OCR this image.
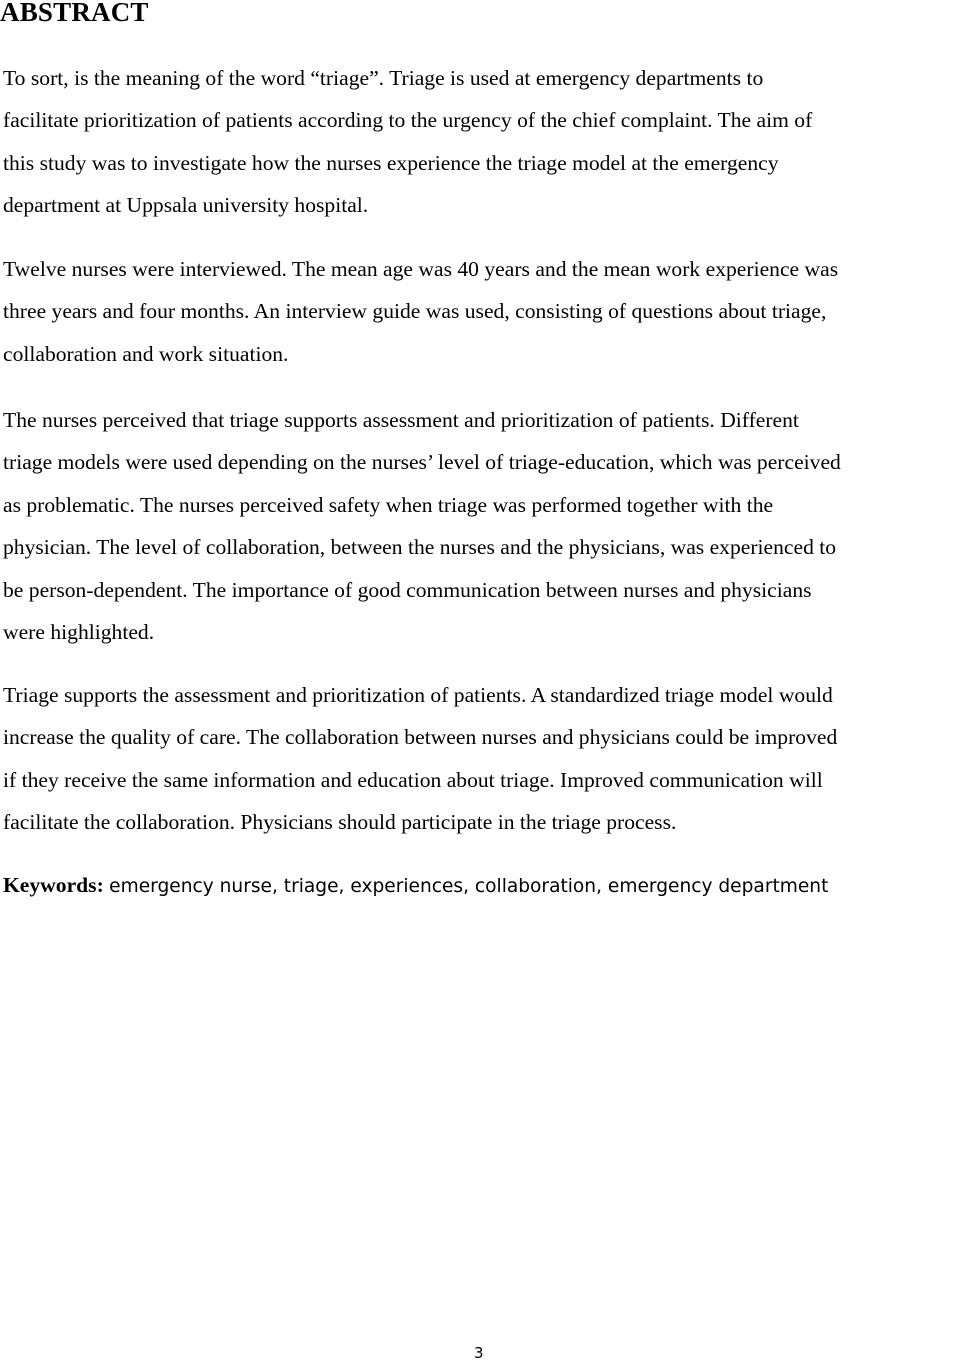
ABSTRACT

To sort, is the meaning of the word “triage”. Triage is used at emergency departments to
facilitate prioritization of patients according to the urgency of the chief complaint. The aim of
this study was to investigate how the nurses experience the triage model at the emergency
department at Uppsala university hospital.

Twelve nurses were interviewed. The mean age was 40 years and the mean work experience was
three years and four months. An interview guide was used, consisting of questions about triage,
collaboration and work situation.

The nurses perceived that triage supports assessment and prioritization of patients. Different
triage models were used depending on the nurses’ level of triage-education, which was perceived
as problematic. The nurses perceived safety when triage was performed together with the
physician. The level of collaboration, between the nurses and the physicians, was experienced to
be person-dependent. The importance of good communication between nurses and physicians
were highlighted.

Triage supports the assessment and prioritization of patients. A standardized triage model would
increase the quality of care. The collaboration between nurses and physicians could be improved
if they receive the same information and education about triage. Improved communication will
facilitate the collaboration. Physicians should participate in the triage process.

Keywords: emergency nurse, triage, experiences, collaboration, emergency department

3
